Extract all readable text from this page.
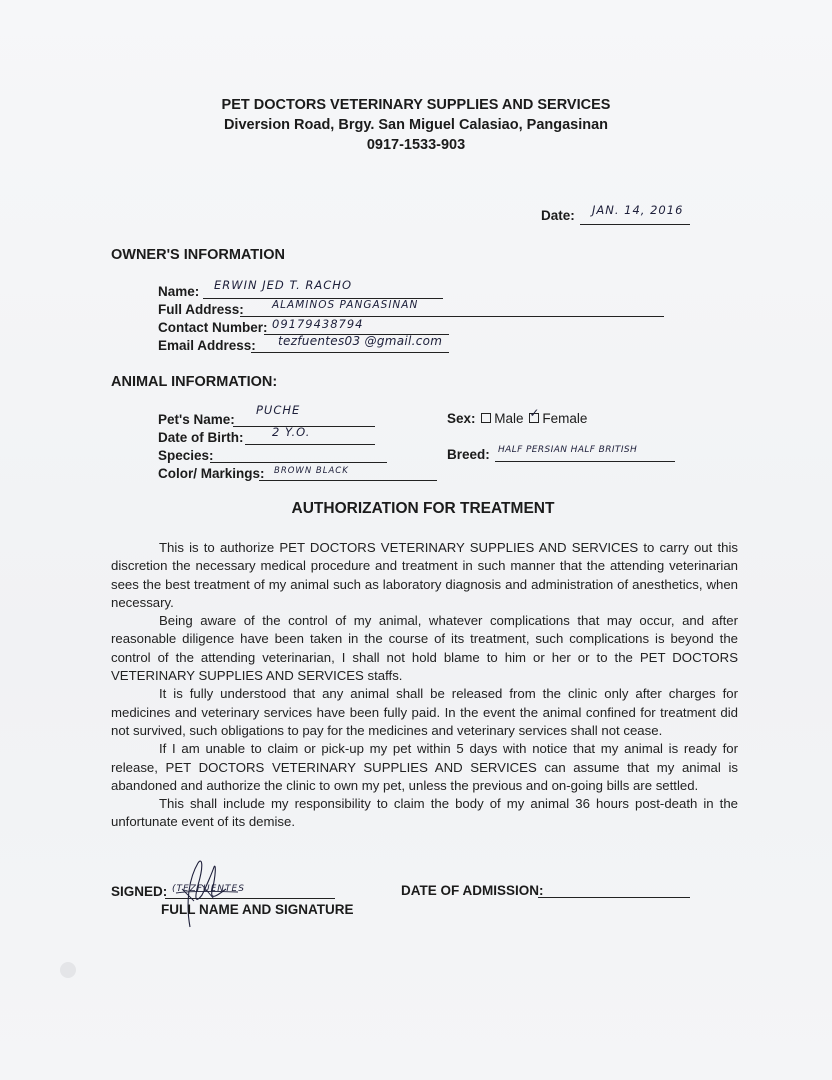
PET DOCTORS VETERINARY SUPPLIES AND SERVICES
Diversion Road, Brgy. San Miguel Calasiao, Pangasinan
0917-1533-903
Date: JAN. 14, 2016
OWNER'S INFORMATION
Name: ERWIN JED T. RACHO
Full Address:	ALAMINOS PANGASINAN
Contact Number: 09179438794
Email Address: tezfuentes03 @gmail.com
ANIMAL INFORMATION:
Pet's Name:
PUCHE
Date of Birth: 2 Y.O.
Species:
Color/ Markings: BROWN BLACK
Sex: Male ✓ Female
Breed: HALF PERSIAN HALF BRITISH
AUTHORIZATION FOR TREATMENT

This is to authorize PET DOCTORS VETERINARY SUPPLIES AND SERVICES to carry out this discretion the necessary medical procedure and treatment in such manner that the attending veterinarian sees the best treatment of my animal such as laboratory diagnosis and administration of anesthetics, when necessary.

Being aware of the control of my animal, whatever complications that may occur, and after reasonable diligence have been taken in the course of its treatment, such complications is beyond the control of the attending veterinarian, I shall not hold blame to him or her or to the PET DOCTORS VETERINARY SUPPLIES AND SERVICES staffs.

It is fully understood that any animal shall be released from the clinic only after charges for medicines and veterinary services have been fully paid. In the event the animal confined for treatment did not survived, such obligations to pay for the medicines and veterinary services shall not cease.

If I am unable to claim or pick-up my pet within 5 days with notice that my animal is ready for release, PET DOCTORS VETERINARY SUPPLIES AND SERVICES can assume that my animal is abandoned and authorize the clinic to own my pet, unless the previous and on-going bills are settled.

This shall include my responsibility to claim the body of my animal 36 hours post-death in the unfortunate event of its demise.

SIGNED: (TEZFUENTES
FULL NAME AND SIGNATURE
DATE OF ADMISSION:
